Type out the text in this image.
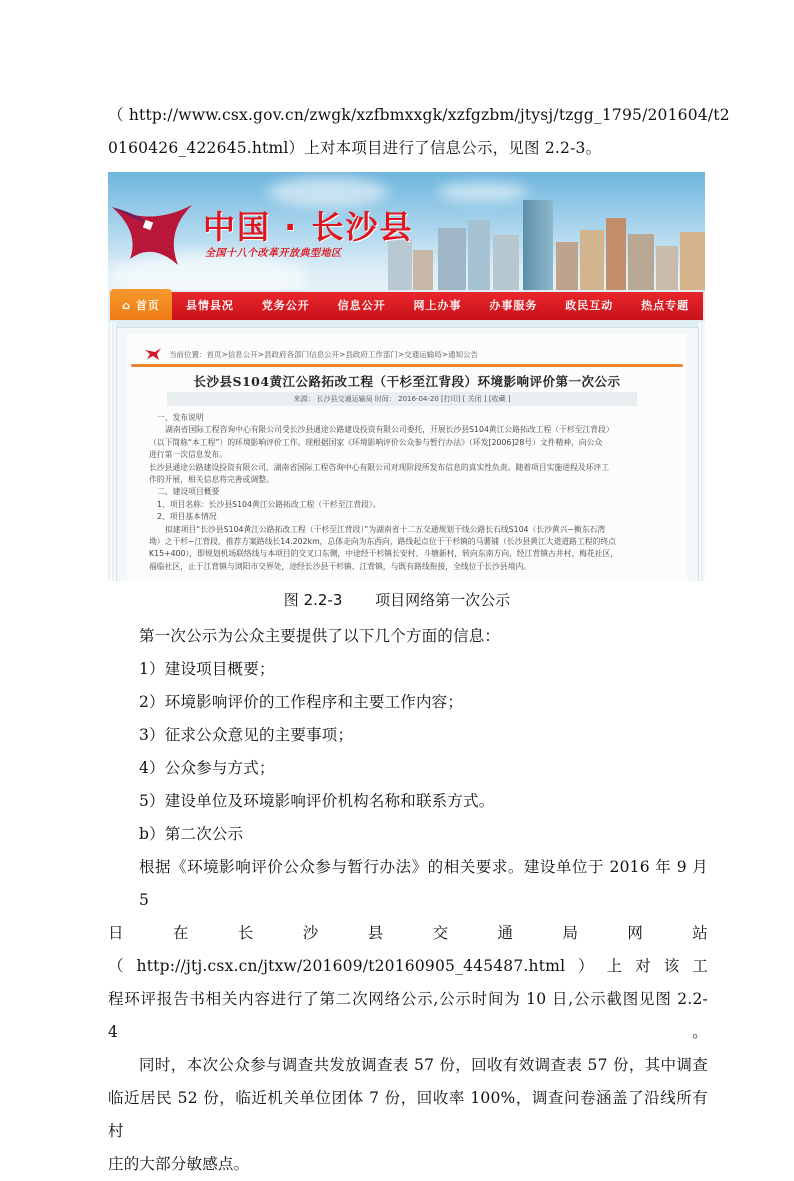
（ http://www.csx.gov.cn/zwgk/xzfbmxxgk/xzfgzbm/jtysj/tzgg_1795/201604/t2

0160426_422645.html）上对本项目进行了信息公示，见图 2.2-3。

中国 · 长沙县
全国十八个改革开放典型地区
⌂ 首页	县情县况	党务公开	信息公开	网上办事	办事服务	政民互动	热点专题
当前位置： 首页 > 信息公开 > 县政府各部门信息公开 > 县政府工作部门 > 交通运输局 > 通知公告
长沙县S104黄江公路拓改工程（干杉至江背段）环境影响评价第一次公示
来源： 长沙县交通运输局 时间： 2016-04-20 [打印] [ 关闭 ] [收藏 ]
一、发布说明
湖南省国际工程咨询中心有限公司受长沙县通途公路建设投资有限公司委托，开展长沙县S104黄江公路拓改工程（干杉至江背段）
（以下简称“本工程”）的环境影响评价工作。现根据国家《环境影响评价公众参与暂行办法》（环发[2006]28号）文件精神，向公众
进行第一次信息发布。
长沙县通途公路建设投资有限公司、湖南省国际工程咨询中心有限公司对现阶段所发布信息的真实性负责。随着项目实施进程及环评工
作的开展，相关信息将完善或调整。
二、建设项目概要
1、项目名称：长沙县S104黄江公路拓改工程（干杉至江背段）。
2、项目基本情况
拟建项目“长沙县S104黄江公路拓改工程（干杉至江背段）”为湖南省十二五交通规划干线公路长石线S104（长沙黄兴~衡东石湾
坳）之干杉~江背段，推荐方案路线长14.202km，总体走向为东西向，路线起点位于干杉镇的马薯铺（长沙县黄江大道道路工程的终点
K15+400），即规划机场联络线与本项目的交叉口东侧，中途经干杉镇长安村、斗塘新村，转向东南方向，经江背镇古井村、梅花社区，
福临社区，止于江背镇与浏阳市交界处，途经长沙县干杉镇、江背镇，与既有路线衔接，全线位于长沙县境内。
图 2.2-3 项目网络第一次公示

第一次公示为公众主要提供了以下几个方面的信息：

1）建设项目概要；

2）环境影响评价的工作程序和主要工作内容；

3）征求公众意见的主要事项；

4）公众参与方式；

5）建设单位及环境影响评价机构名称和联系方式。

b）第二次公示

根据《环境影响评价公众参与暂行办法》的相关要求。建设单位于 2016 年 9 月 5

日在长沙县交通局网站（http://jtj.csx.cn/jtxw/201609/t20160905_445487.html）上对该工

程环评报告书相关内容进行了第二次网络公示,公示时间为 10 日,公示截图见图 2.2-4。

同时，本次公众参与调查共发放调查表 57 份，回收有效调查表 57 份，其中调查

临近居民 52 份，临近机关单位团体 7 份，回收率 100%，调查问卷涵盖了沿线所有村

庄的大部分敏感点。
